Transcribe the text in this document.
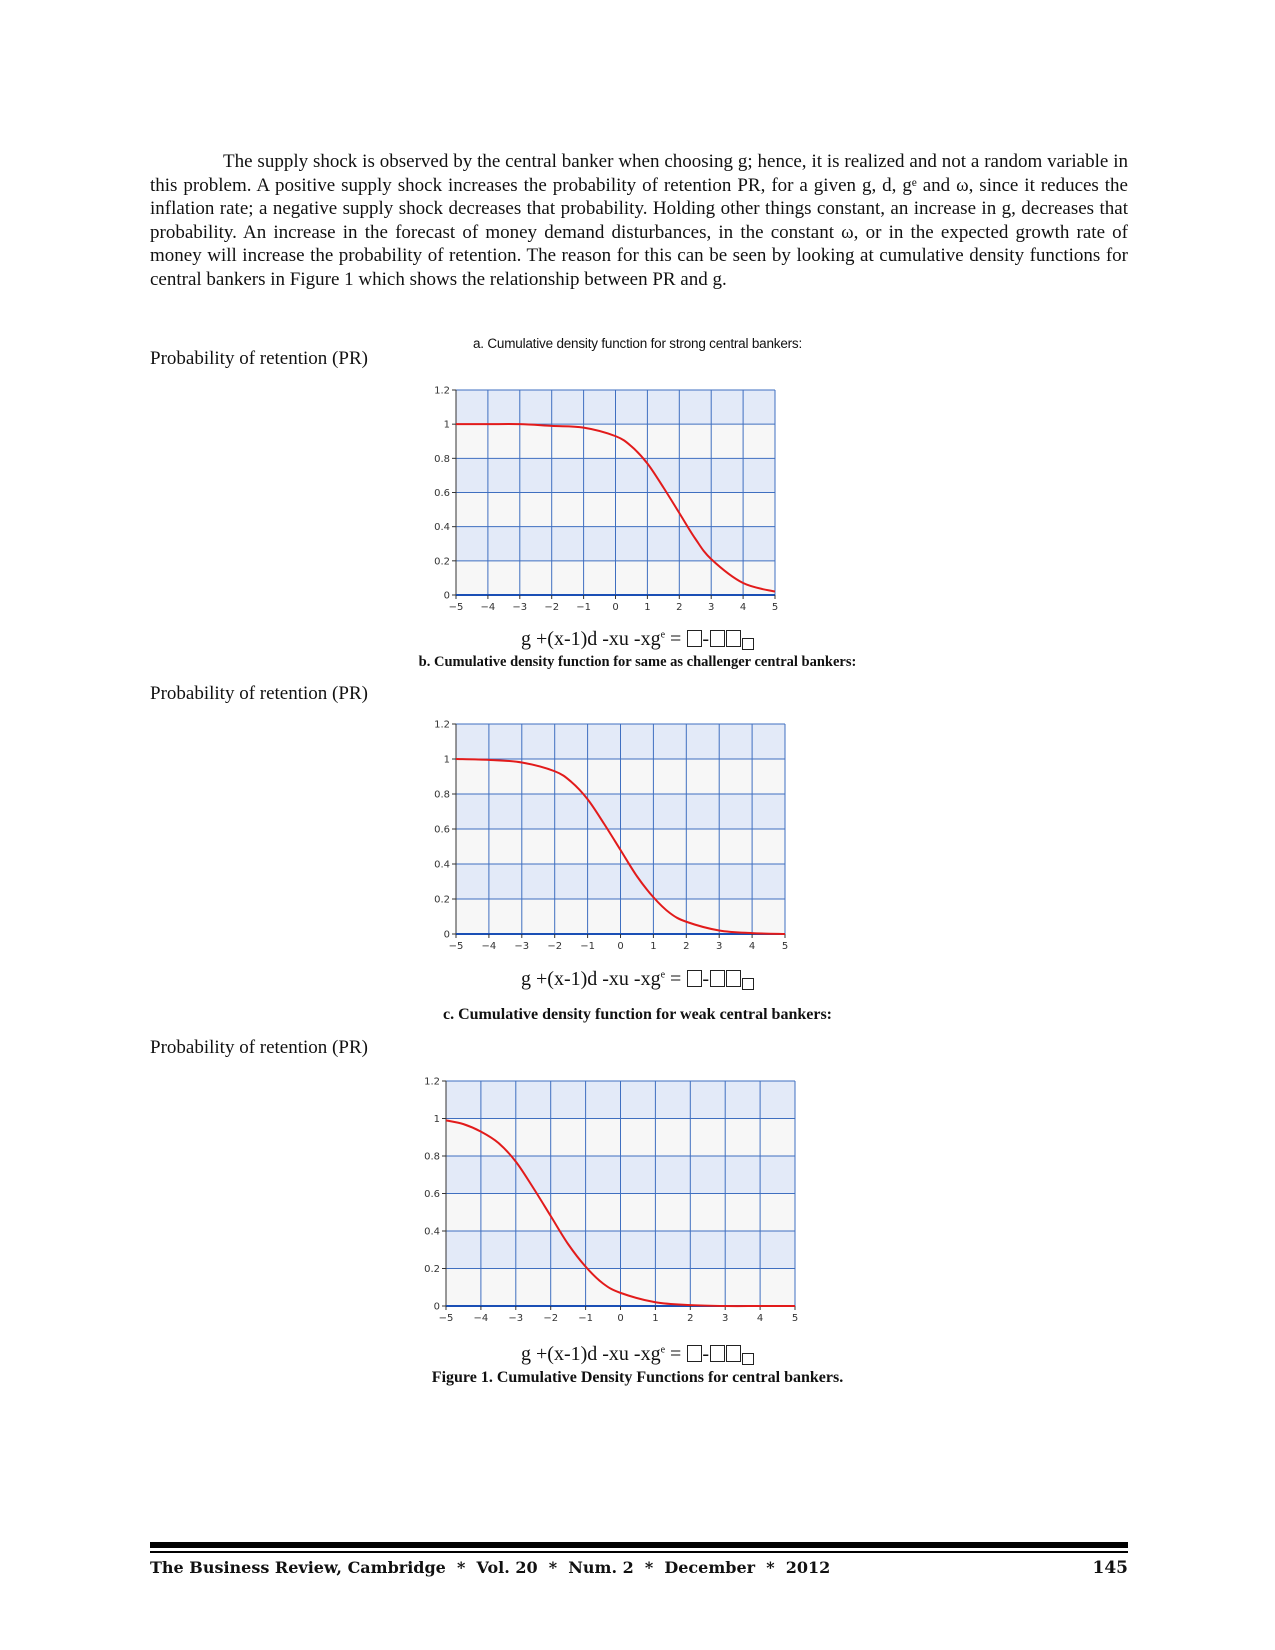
The supply shock is observed by the central banker when choosing g; hence, it is realized and not a random variable in this problem. A positive supply shock increases the probability of retention PR, for a given g, d, gᵉ and ω, since it reduces the inflation rate; a negative supply shock decreases that probability. Holding other things constant, an increase in g, decreases that probability. An increase in the forecast of money demand disturbances, in the constant ω, or in the expected growth rate of money will increase the probability of retention. The reason for this can be seen by looking at cumulative density functions for central bankers in Figure 1 which shows the relationship between PR and g.
a. Cumulative density function for strong central bankers:
Probability of retention (PR)
−5 −4 −3 −2 −1 0	1	2	3	4	5
0
0.2
0.4
0.6
0.8
1
1.2
g +(x-1)d -xu $-xg^e$ = -
b. Cumulative density function for same as challenger central bankers:
Probability of retention (PR)
−5 −4 −3 −2 −1 0	1	2	3	4	5
0
0.2
0.4
0.6
0.8
1
1.2
g +(x-1)d -xu $-xg^e$ = -
c. Cumulative density function for weak central bankers:
Probability of retention (PR)
−5 −4 −3 −2 −1 0	1	2	3	4	5
0
0.2
0.4
0.6
0.8
1
1.2
g +(x-1)d -xu $-xg^e$ = -
Figure 1. Cumulative Density Functions for central bankers.
The Business Review, Cambridge  *  Vol. 20  *  Num. 2  *  December  *  2012	145
